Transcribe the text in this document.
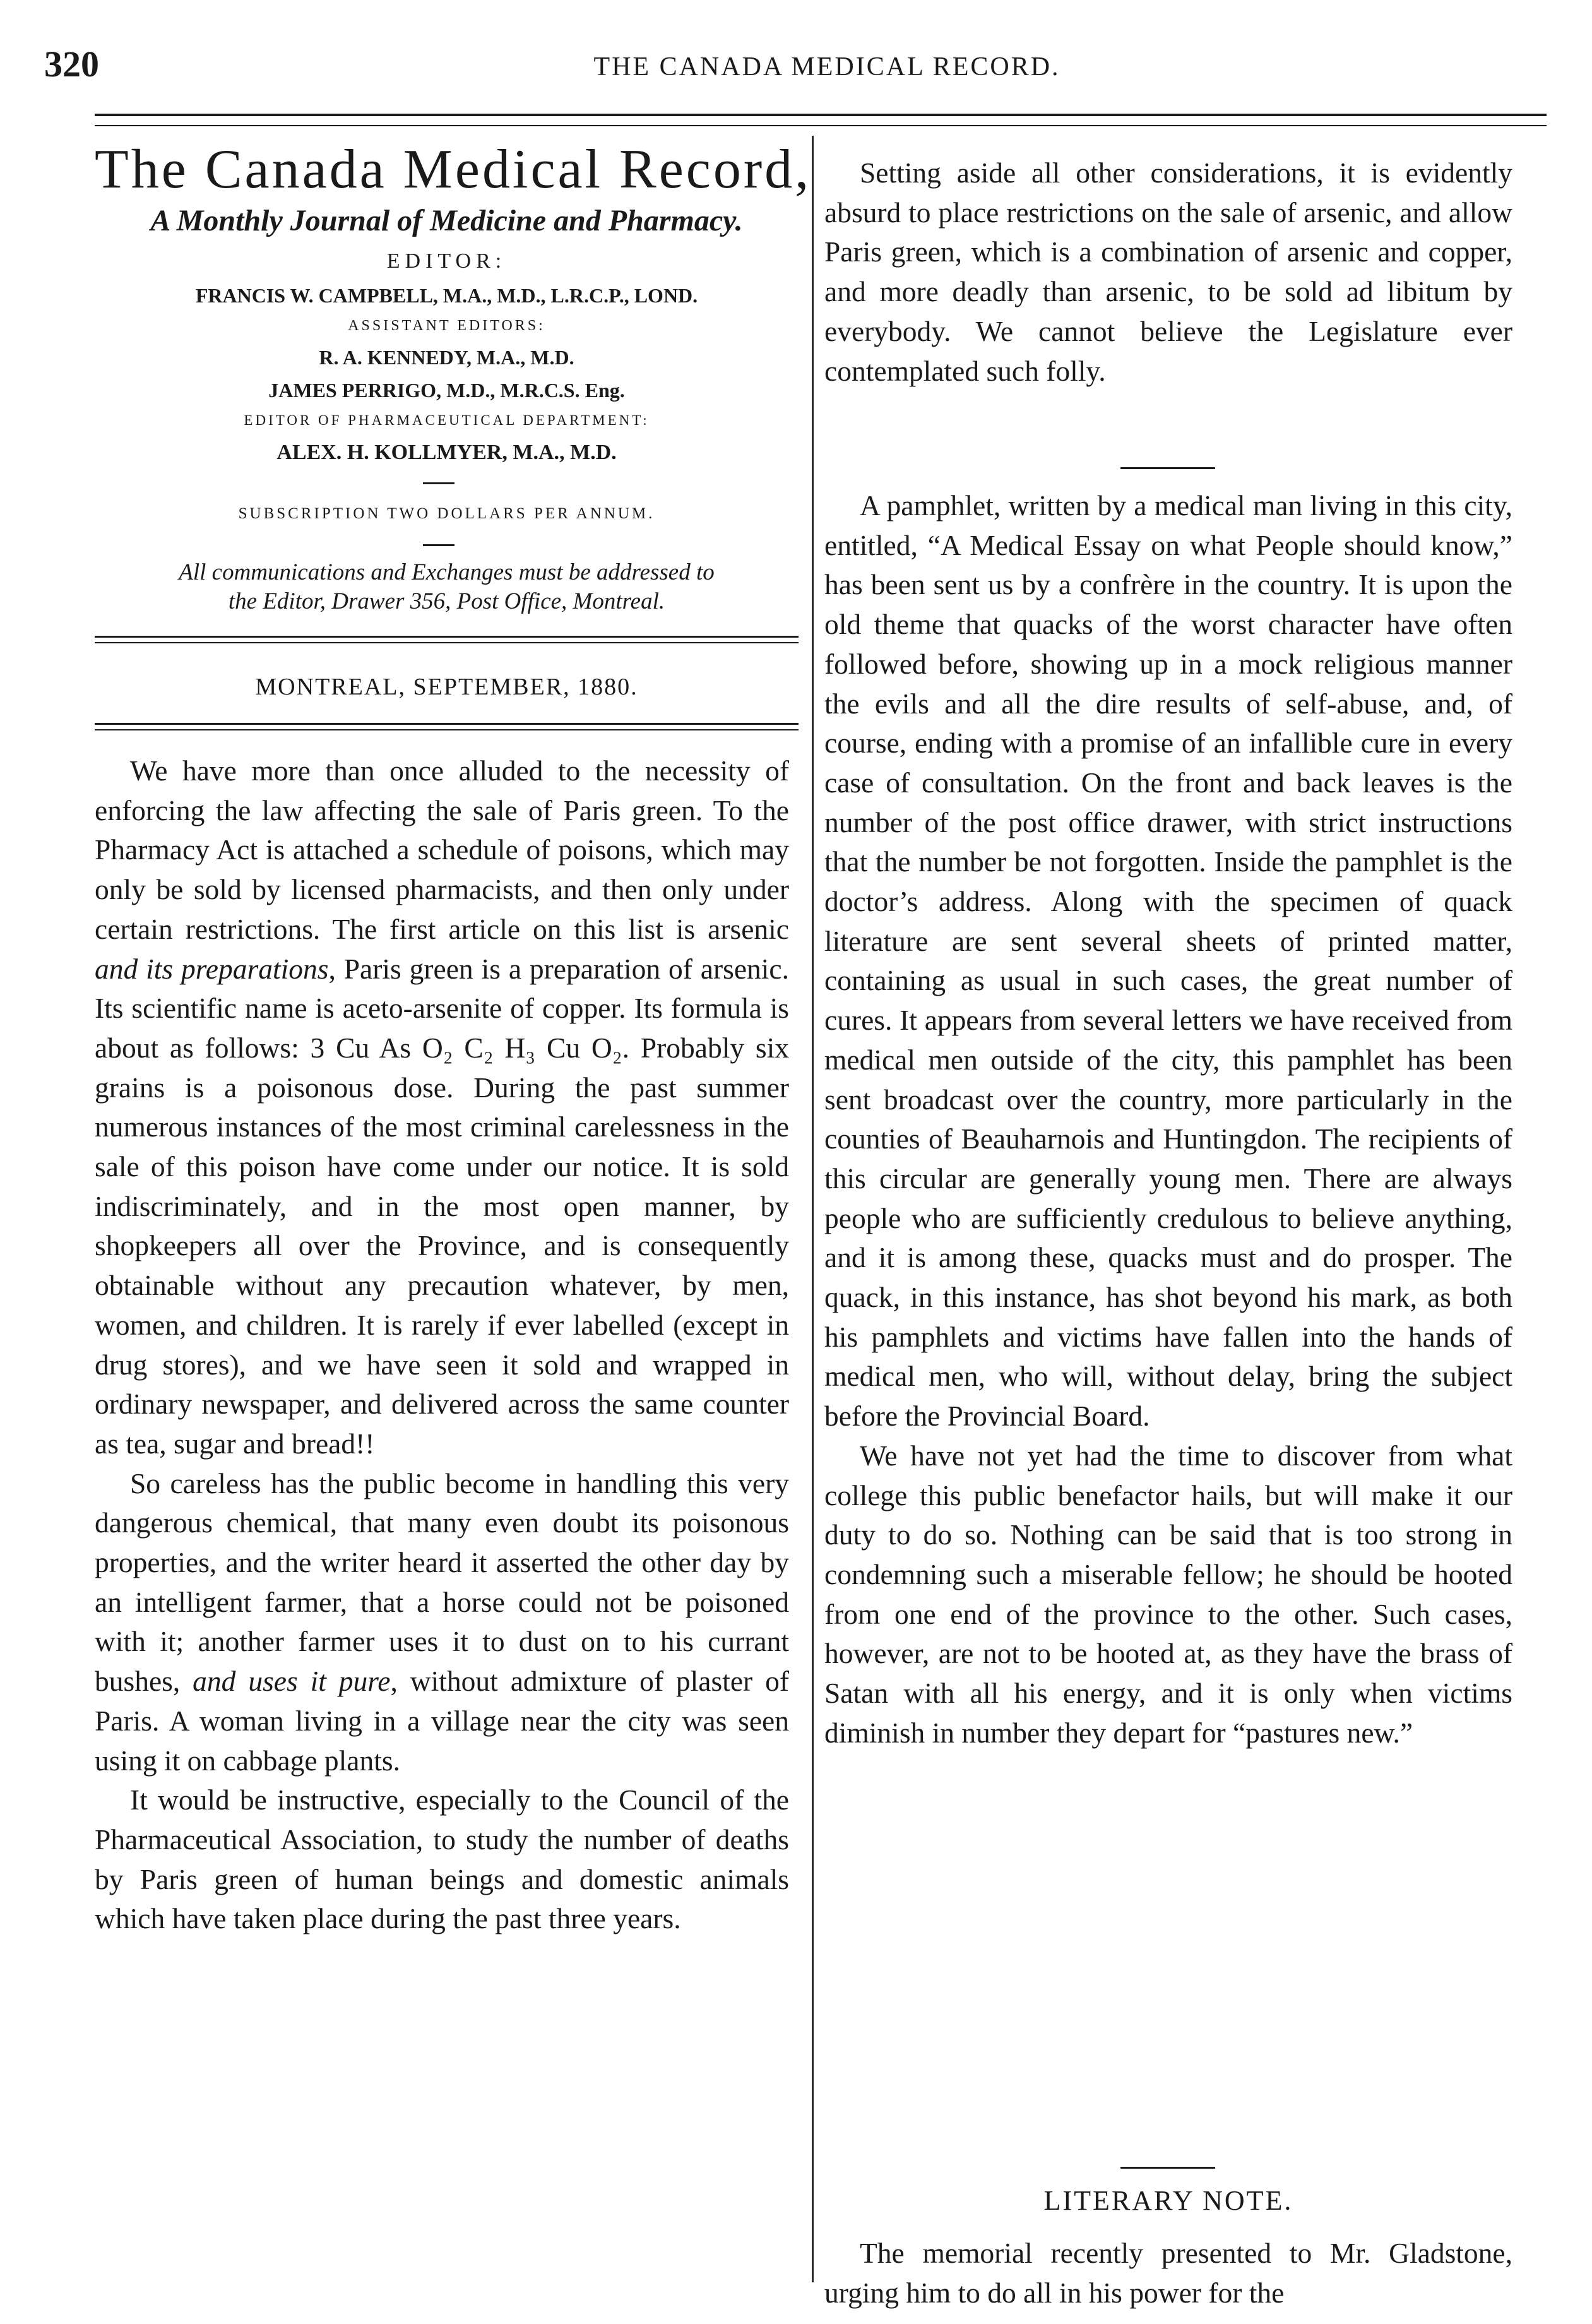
320	THE CANADA MEDICAL RECORD.
The Canada Medical Record,
A Monthly Journal of Medicine and Pharmacy.
EDITOR:
FRANCIS W. CAMPBELL, M.A., M.D., L.R.C.P., LOND.
ASSISTANT EDITORS:
R. A. KENNEDY, M.A., M.D.
JAMES PERRIGO, M.D., M.R.C.S. Eng.
EDITOR OF PHARMACEUTICAL DEPARTMENT:
ALEX. H. KOLLMYER, M.A., M.D.
SUBSCRIPTION TWO DOLLARS PER ANNUM.
All communications and Exchanges must be addressed to
the Editor, Drawer 356, Post Office, Montreal.
MONTREAL, SEPTEMBER, 1880.

We have more than once alluded to the necessity of enforcing the law affecting the sale of Paris green. To the Pharmacy Act is attached a schedule of poisons, which may only be sold by licensed pharmacists, and then only under certain restrictions. The first article on this list is arsenic and its preparations, Paris green is a preparation of arsenic. Its scientific name is aceto-arsenite of copper. Its formula is about as follows: 3 Cu As O₂ C₂ H₃ Cu O₂. Probably six grains is a poisonous dose. During the past summer numerous instances of the most criminal carelessness in the sale of this poison have come under our notice. It is sold indiscriminately, and in the most open manner, by shopkeepers all over the Province, and is consequently obtainable without any precaution whatever, by men, women, and children. It is rarely if ever labelled (except in drug stores), and we have seen it sold and wrapped in ordinary newspaper, and delivered across the same counter as tea, sugar and bread!!

So careless has the public become in handling this very dangerous chemical, that many even doubt its poisonous properties, and the writer heard it asserted the other day by an intelligent farmer, that a horse could not be poisoned with it; another farmer uses it to dust on to his currant bushes, and uses it pure, without admixture of plaster of Paris. A woman living in a village near the city was seen using it on cabbage plants.

It would be instructive, especially to the Council of the Pharmaceutical Association, to study the number of deaths by Paris green of human beings and domestic animals which have taken place during the past three years.

Setting aside all other considerations, it is evidently absurd to place restrictions on the sale of arsenic, and allow Paris green, which is a combination of arsenic and copper, and more deadly than arsenic, to be sold ad libitum by everybody. We cannot believe the Legislature ever contemplated such folly.

A pamphlet, written by a medical man living in this city, entitled, “A Medical Essay on what People should know,” has been sent us by a confrère in the country. It is upon the old theme that quacks of the worst character have often followed before, showing up in a mock religious manner the evils and all the dire results of self-abuse, and, of course, ending with a promise of an infallible cure in every case of consultation. On the front and back leaves is the number of the post office drawer, with strict instructions that the number be not forgotten. Inside the pamphlet is the doctor’s address. Along with the specimen of quack literature are sent several sheets of printed matter, containing as usual in such cases, the great number of cures. It appears from several letters we have received from medical men outside of the city, this pamphlet has been sent broadcast over the country, more particularly in the counties of Beauharnois and Huntingdon. The recipients of this circular are generally young men. There are always people who are sufficiently credulous to believe anything, and it is among these, quacks must and do prosper. The quack, in this instance, has shot beyond his mark, as both his pamphlets and victims have fallen into the hands of medical men, who will, without delay, bring the subject before the Provincial Board.

We have not yet had the time to discover from what college this public benefactor hails, but will make it our duty to do so. Nothing can be said that is too strong in condemning such a miserable fellow; he should be hooted from one end of the province to the other. Such cases, however, are not to be hooted at, as they have the brass of Satan with all his energy, and it is only when victims diminish in number they depart for “pastures new.”

LITERARY NOTE.

The memorial recently presented to Mr. Gladstone, urging him to do all in his power for the
